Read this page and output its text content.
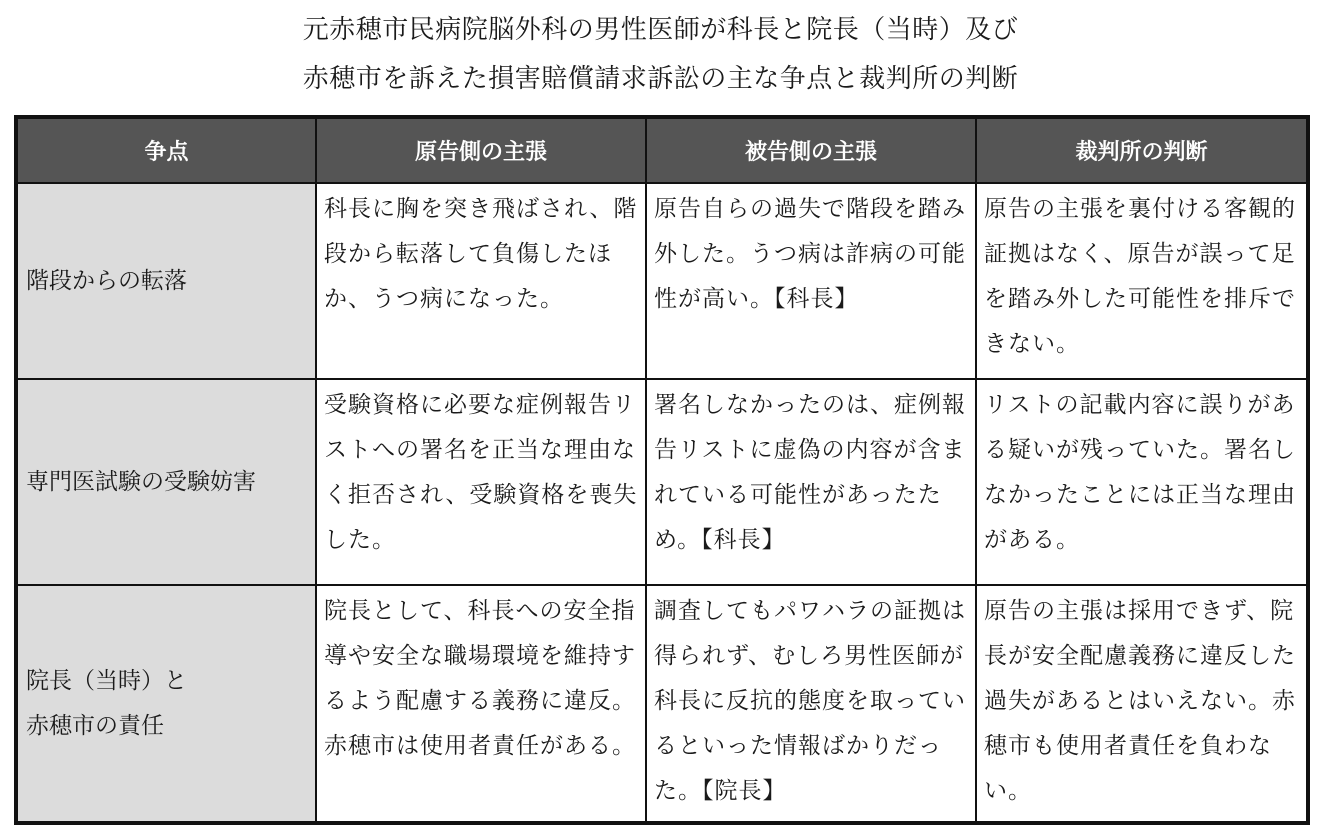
元赤穂市民病院脳外科の男性医師が科長と院長（当時）及び
赤穂市を訴えた損害賠償請求訴訟の主な争点と裁判所の判断
争点	原告側の主張	被告側の主張	裁判所の判断

階段からの転落	科長に胸を突き飛ばされ、階段から転落して負傷したほか、うつ病になった。	原告自らの過失で階段を踏み外した。うつ病は詐病の可能性が高い。【科長】	原告の主張を裏付ける客観的証拠はなく、原告が誤って足を踏み外した可能性を排斥できない。

専門医試験の受験妨害	受験資格に必要な症例報告リストへの署名を正当な理由なく拒否され、受験資格を喪失した。	署名しなかったのは、症例報告リストに虚偽の内容が含まれている可能性があったため。【科長】	リストの記載内容に誤りがある疑いが残っていた。署名しなかったことには正当な理由がある。

院長（当時）と
赤穂市の責任	院長として、科長への安全指導や安全な職場環境を維持するよう配慮する義務に違反。赤穂市は使用者責任がある。	調査してもパワハラの証拠は得られず、むしろ男性医師が科長に反抗的態度を取っているといった情報ばかりだった。【院長】	原告の主張は採用できず、院長が安全配慮義務に違反した過失があるとはいえない。赤穂市も使用者責任を負わない。
